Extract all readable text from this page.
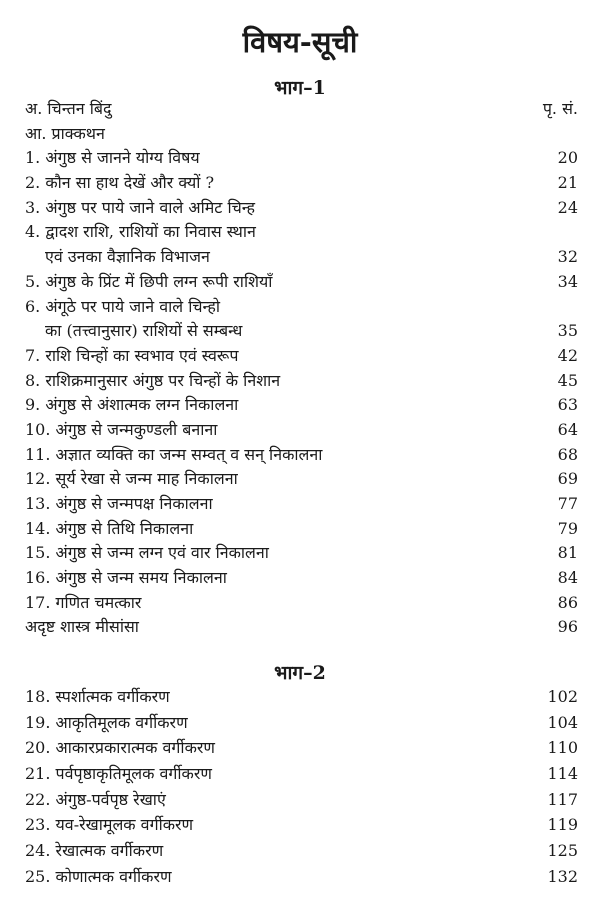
विषय-सूची
भाग–1
अ. चिन्तन बिंदु	पृ. सं.
आ. प्राक्कथन
1. अंगुष्ठ से जानने योग्य विषय	20
2. कौन सा हाथ देखें और क्यों ?	21
3. अंगुष्ठ पर पाये जाने वाले अमिट चिन्ह	24
4. द्वादश राशि, राशियों का निवास स्थान
एवं उनका वैज्ञानिक विभाजन	32
5. अंगुष्ठ के प्रिंट में छिपी लग्न रूपी राशियाँ	34
6. अंगूठे पर पाये जाने वाले चिन्हो
का (तत्त्वानुसार) राशियों से सम्बन्ध	35
7. राशि चिन्हों का स्वभाव एवं स्वरूप	42
8. राशिक्रमानुसार अंगुष्ठ पर चिन्हों के निशान	45
9. अंगुष्ठ से अंशात्मक लग्न निकालना	63
10. अंगुष्ठ से जन्मकुण्डली बनाना	64
11. अज्ञात व्यक्ति का जन्म सम्वत् व सन् निकालना	68
12. सूर्य रेखा से जन्म माह निकालना	69
13. अंगुष्ठ से जन्मपक्ष निकालना	77
14. अंगुष्ठ से तिथि निकालना	79
15. अंगुष्ठ से जन्म लग्न एवं वार निकालना	81
16. अंगुष्ठ से जन्म समय निकालना	84
17. गणित चमत्कार	86
अदृष्ट शास्त्र मीसांसा	96
भाग–2
18. स्पर्शात्मक वर्गीकरण	102
19. आकृतिमूलक वर्गीकरण	104
20. आकारप्रकारात्मक वर्गीकरण	110
21. पर्वपृष्ठाकृतिमूलक वर्गीकरण	114
22. अंगुष्ठ-पर्वपृष्ठ रेखाएं	117
23. यव-रेखामूलक वर्गीकरण	119
24. रेखात्मक वर्गीकरण	125
25. कोणात्मक वर्गीकरण	132
